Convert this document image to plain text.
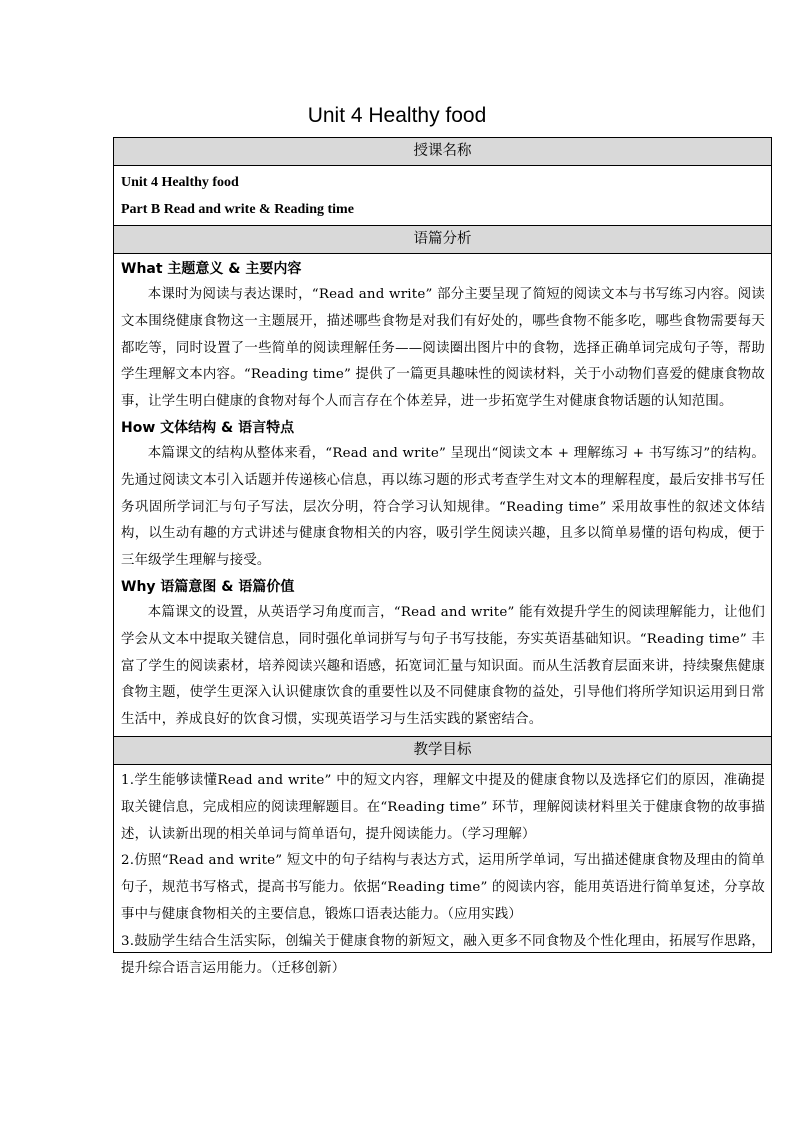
Unit 4 Healthy food
授课名称

Unit 4 Healthy food

Part B Read and write & Reading time

语篇分析

What 主题意义 & 主要内容

本课时为阅读与表达课时，“Read and write” 部分主要呈现了简短的阅读文本与书写练习内容。阅读文本围绕健康食物这一主题展开，描述哪些食物是对我们有好处的，哪些食物不能多吃，哪些食物需要每天都吃等，同时设置了一些简单的阅读理解任务——阅读圈出图片中的食物，选择正确单词完成句子等，帮助学生理解文本内容。“Reading time” 提供了一篇更具趣味性的阅读材料，关于小动物们喜爱的健康食物故事，让学生明白健康的食物对每个人而言存在个体差异，进一步拓宽学生对健康食物话题的认知范围。

How 文体结构 & 语言特点

本篇课文的结构从整体来看，“Read and write” 呈现出“阅读文本 + 理解练习 + 书写练习”的结构。先通过阅读文本引入话题并传递核心信息，再以练习题的形式考查学生对文本的理解程度，最后安排书写任务巩固所学词汇与句子写法，层次分明，符合学习认知规律。“Reading time” 采用故事性的叙述文体结构，以生动有趣的方式讲述与健康食物相关的内容，吸引学生阅读兴趣，且多以简单易懂的语句构成，便于三年级学生理解与接受。

Why 语篇意图 & 语篇价值

本篇课文的设置，从英语学习角度而言，“Read and write” 能有效提升学生的阅读理解能力，让他们学会从文本中提取关键信息，同时强化单词拼写与句子书写技能，夯实英语基础知识。“Reading time” 丰富了学生的阅读素材，培养阅读兴趣和语感，拓宽词汇量与知识面。而从生活教育层面来讲，持续聚焦健康食物主题，使学生更深入认识健康饮食的重要性以及不同健康食物的益处，引导他们将所学知识运用到日常生活中，养成良好的饮食习惯，实现英语学习与生活实践的紧密结合。

教学目标

1.学生能够读懂Read and write” 中的短文内容，理解文中提及的健康食物以及选择它们的原因，准确提取关键信息，完成相应的阅读理解题目。在“Reading time” 环节，理解阅读材料里关于健康食物的故事描述，认读新出现的相关单词与简单语句，提升阅读能力。（学习理解）

2.仿照“Read and write” 短文中的句子结构与表达方式，运用所学单词，写出描述健康食物及理由的简单句子，规范书写格式，提高书写能力。依据“Reading time” 的阅读内容，能用英语进行简单复述，分享故事中与健康食物相关的主要信息，锻炼口语表达能力。（应用实践）

3.鼓励学生结合生活实际，创编关于健康食物的新短文，融入更多不同食物及个性化理由，拓展写作思路，提升综合语言运用能力。（迁移创新）
